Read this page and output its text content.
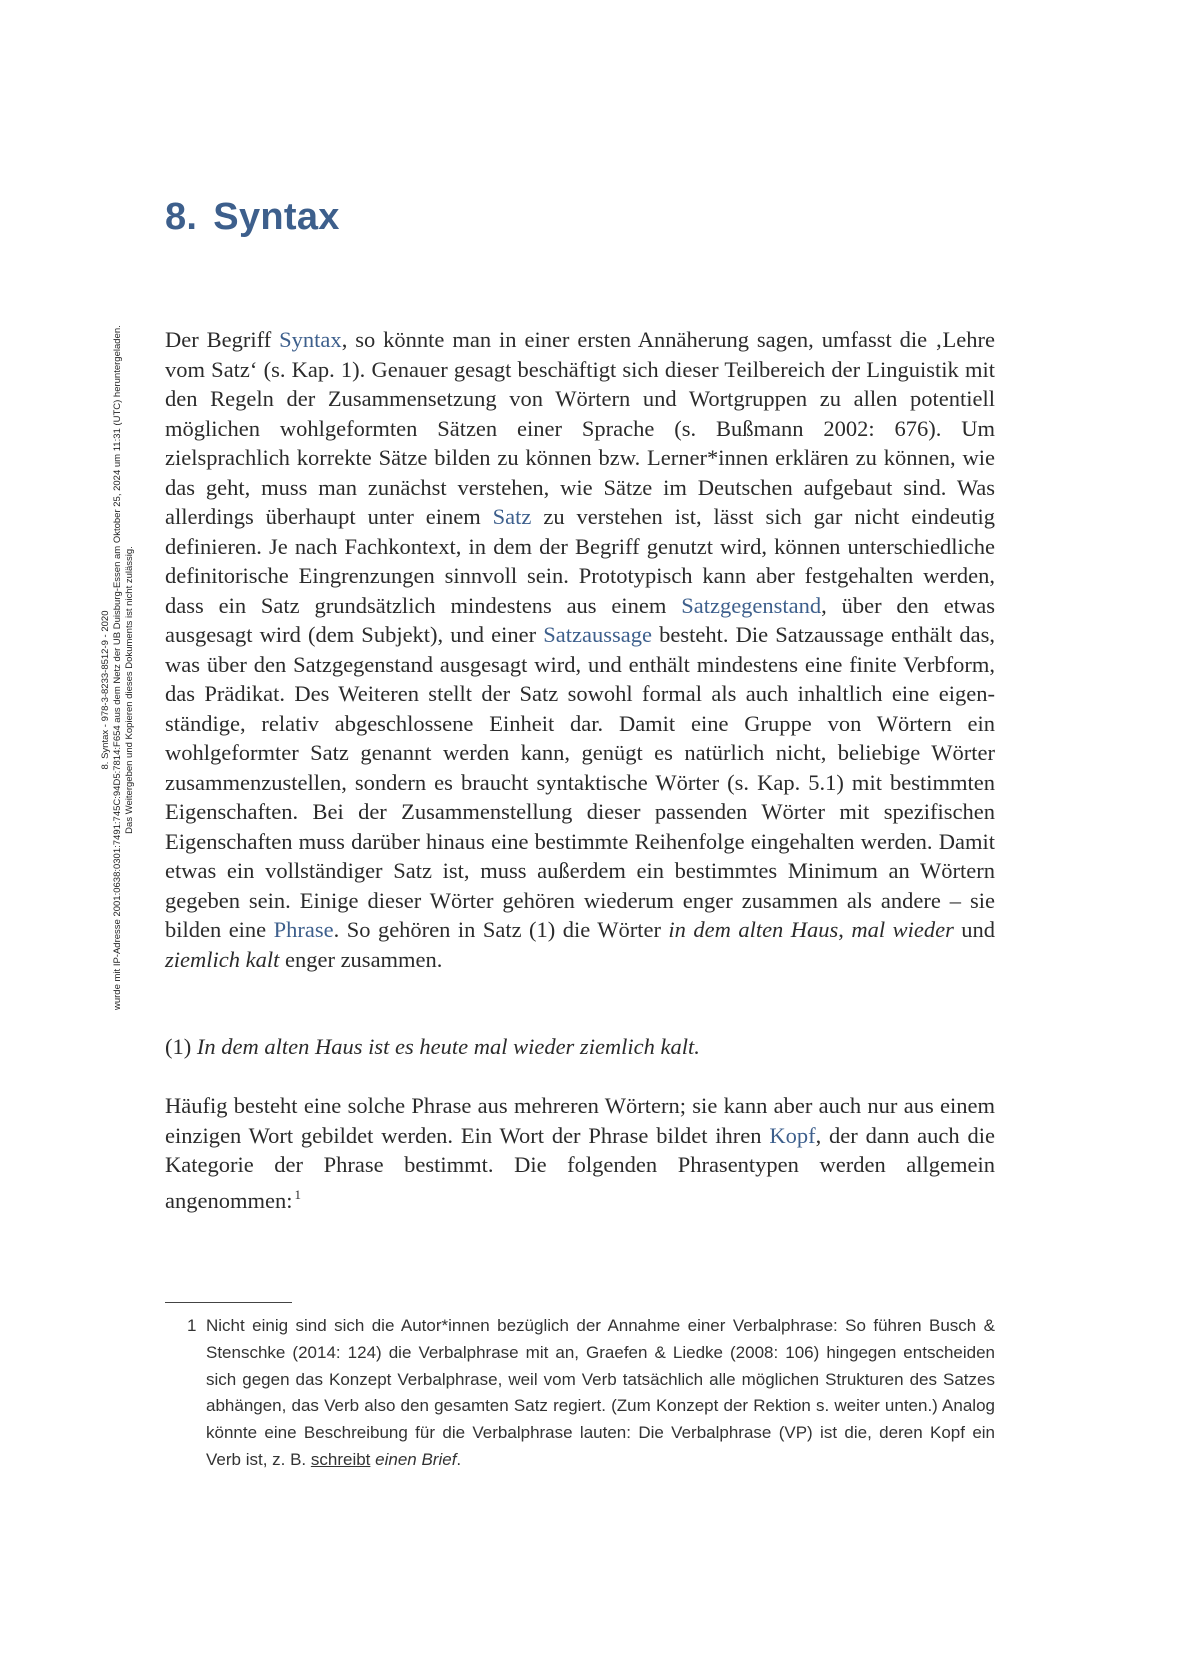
8. Syntax

Der Begriff Syntax, so könnte man in einer ersten Annäherung sagen, umfasst die ‚Lehre vom Satz‘ (s. Kap. 1). Genauer gesagt beschäftigt sich dieser Teilbereich der Linguistik mit den Regeln der Zusammensetzung von Wörtern und Wortgruppen zu allen potentiell möglichen wohlgeformten Sätzen einer Sprache (s. Bußmann 2002: 676). Um zielsprachlich korrekte Sätze bilden zu können bzw. Lerner*innen erklären zu können, wie das geht, muss man zunächst verstehen, wie Sätze im Deutschen aufgebaut sind. Was allerdings überhaupt unter einem Satz zu verstehen ist, lässt sich gar nicht eindeutig definieren. Je nach Fachkontext, in dem der Begriff genutzt wird, können unterschiedliche definitorische Eingrenzungen sinnvoll sein. Prototypisch kann aber festgehalten werden, dass ein Satz grundsätzlich mindestens aus einem Satzgegenstand, über den etwas ausgesagt wird (dem Subjekt), und einer Satzaussage besteht. Die Satzaussage enthält das, was über den Satzgegenstand ausgesagt wird, und enthält mindestens eine finite Verbform, das Prädikat. Des Weiteren stellt der Satz sowohl formal als auch inhaltlich eine eigenständige, relativ abgeschlossene Einheit dar. Damit eine Gruppe von Wörtern ein wohlgeformter Satz genannt werden kann, genügt es natürlich nicht, beliebige Wörter zusammenzustellen, sondern es braucht syntaktische Wörter (s. Kap. 5.1) mit bestimmten Eigenschaften. Bei der Zusammenstellung dieser passenden Wörter mit spezifischen Eigenschaften muss darüber hinaus eine bestimmte Reihenfolge eingehalten werden. Damit etwas ein vollständiger Satz ist, muss außerdem ein bestimmtes Minimum an Wörtern gegeben sein. Einige dieser Wörter gehören wiederum enger zusammen als andere – sie bilden eine Phrase. So gehören in Satz (1) die Wörter in dem alten Haus, mal wieder und ziemlich kalt enger zusammen.

(1) In dem alten Haus ist es heute mal wieder ziemlich kalt.

Häufig besteht eine solche Phrase aus mehreren Wörtern; sie kann aber auch nur aus einem einzigen Wort gebildet werden. Ein Wort der Phrase bildet ihren Kopf, der dann auch die Kategorie der Phrase bestimmt. Die folgenden Phrasentypen werden allgemein angenommen: $^1$

1 Nicht einig sind sich die Autor*innen bezüglich der Annahme einer Verbalphrase: So führen Busch & Stenschke (2014: 124) die Verbalphrase mit an, Graefen & Liedke (2008: 106) hingegen entscheiden sich gegen das Konzept Verbalphrase, weil vom Verb tatsächlich alle möglichen Strukturen des Satzes abhängen, das Verb also den gesamten Satz regiert. (Zum Konzept der Rektion s. weiter unten.) Analog könnte eine Beschreibung für die Verbalphrase lauten: Die Verbalphrase (VP) ist die, deren Kopf ein Verb ist, z. B. schreibt einen Brief.
8. Syntax - 978-3-8233-8512-9 - 2020 wurde mit IP-Adresse 2001:0638:0301:7491:745C:94D5:7814:F654 aus dem Netz der UB Duisburg-Essen am Oktober 25, 2024 um 11:31 (UTC) heruntergeladen. Das Weitergeben und Kopieren dieses Dokuments ist nicht zulässig.
